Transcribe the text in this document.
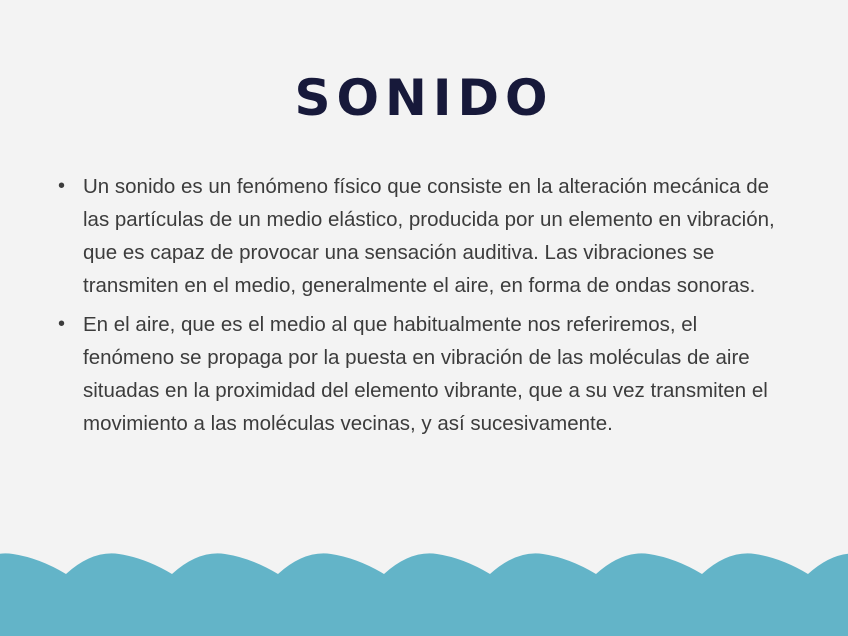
SONIDO
• Un sonido es un fenómeno físico que consiste en la alteración mecánica de las partículas de un medio elástico, producida por un elemento en vibración, que es capaz de provocar una sensación auditiva. Las vibraciones se transmiten en el medio, generalmente el aire, en forma de ondas sonoras.
• En el aire, que es el medio al que habitualmente nos referiremos, el fenómeno se propaga por la puesta en vibración de las moléculas de aire situadas en la proximidad del elemento vibrante, que a su vez transmiten el movimiento a las moléculas vecinas, y así sucesivamente.
